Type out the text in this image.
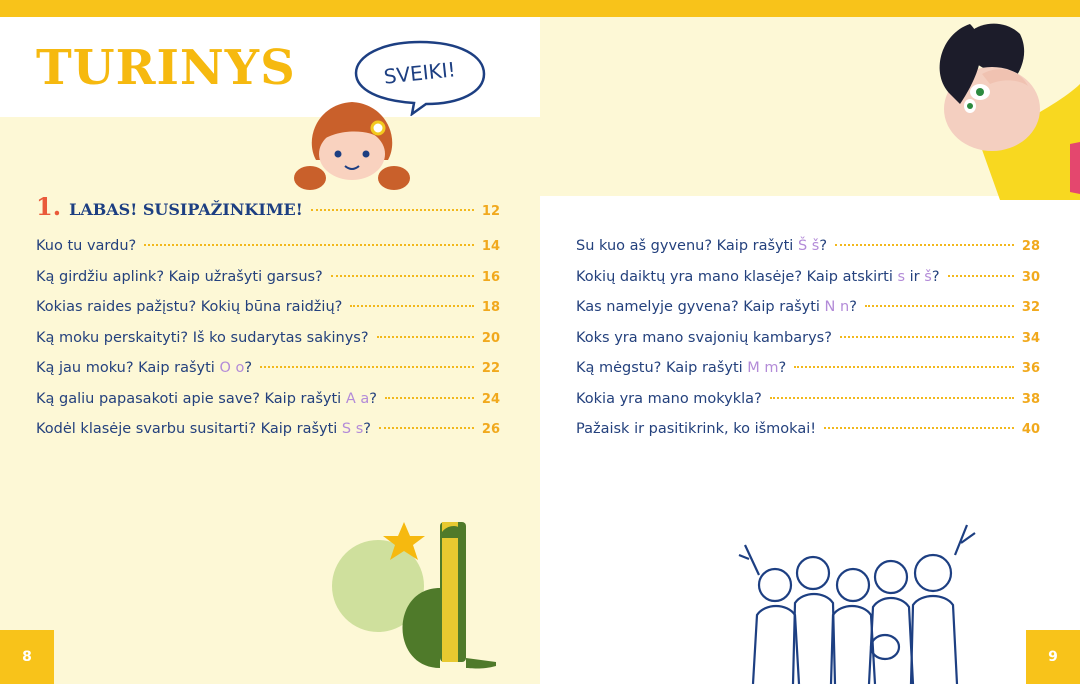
TURINYS	SVEIKI!
1. LABAS! SUSIPAŽINKIME!	12
Kuo tu vardu?	14
Ką girdžiu aplink? Kaip užrašyti garsus?	16
Kokias raides pažįstu? Kokių būna raidžių?	18
Ką moku perskaityti? Iš ko sudarytas sakinys?	20
Ką jau moku? Kaip rašyti O o?	22
Ką galiu papasakoti apie save? Kaip rašyti A a?	24
Kodėl klasėje svarbu susitarti? Kaip rašyti S s?	26
Su kuo aš gyvenu? Kaip rašyti Š š?	28
Kokių daiktų yra mano klasėje? Kaip atskirti s ir š?	30
Kas namelyje gyvena? Kaip rašyti N n?	32
Koks yra mano svajonių kambarys?	34
Ką mėgstu? Kaip rašyti M m?	36
Kokia yra mano mokykla?	38
Pažaisk ir pasitikrink, ko išmokai!	40
8	9
